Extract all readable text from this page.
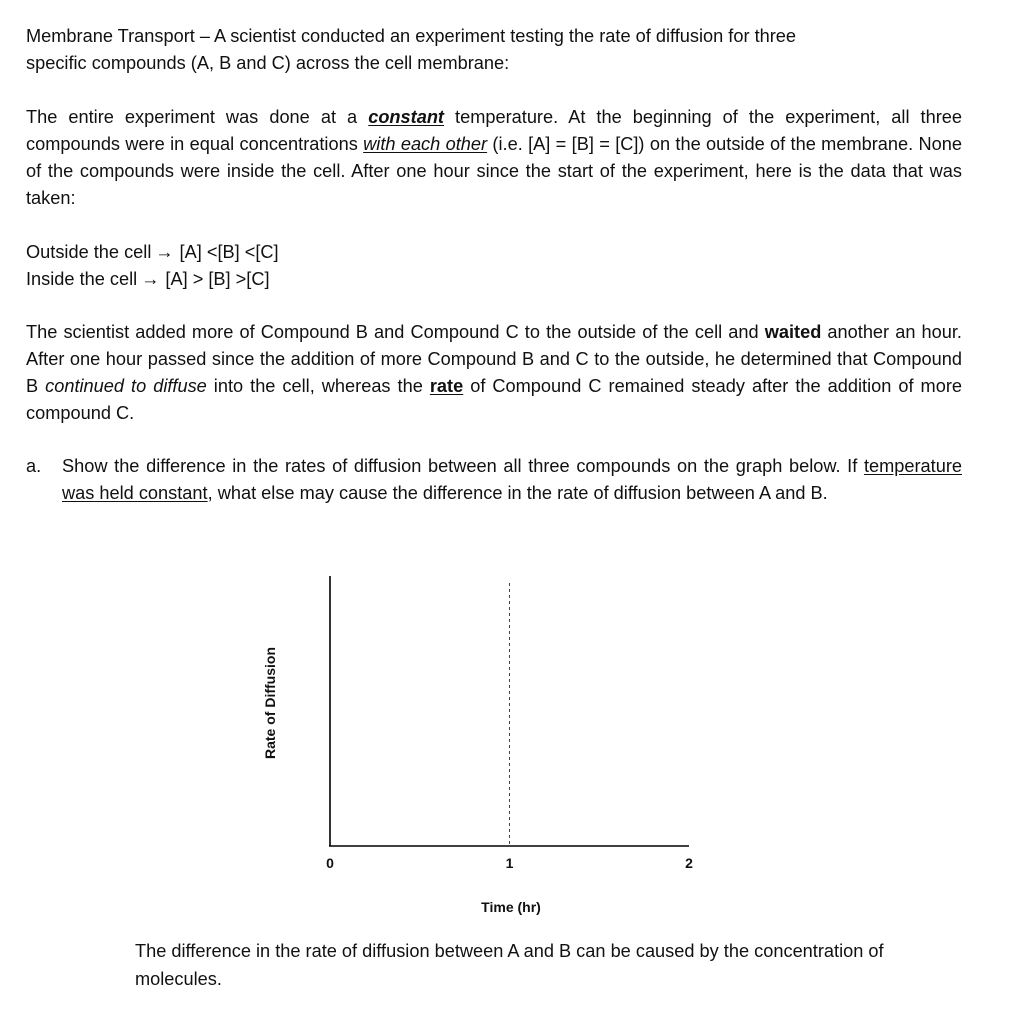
Membrane Transport – A scientist conducted an experiment testing the rate of diffusion for three
specific compounds (A, B and C) across the cell membrane:

The entire experiment was done at a constant temperature. At the beginning of the experiment, all three compounds were in equal concentrations with each other (i.e. [A] = [B] = [C]) on the outside of the membrane. None of the compounds were inside the cell. After one hour since the start of the experiment, here is the data that was taken:

Outside the cell → [A] <[B] <[C]
Inside the cell → [A] > [B] >[C]

The scientist added more of Compound B and Compound C to the outside of the cell and waited another an hour. After one hour passed since the addition of more Compound B and C to the outside, he determined that Compound B continued to diffuse into the cell, whereas the rate of Compound C remained steady after the addition of more compound C.

a. Show the difference in the rates of diffusion between all three compounds on the graph below. If temperature was held constant, what else may cause the difference in the rate of diffusion between A and B.
Rate of Diffusion
0	1	2
Time (hr)
The difference in the rate of diffusion between A and B can be caused by the concentration of molecules.
